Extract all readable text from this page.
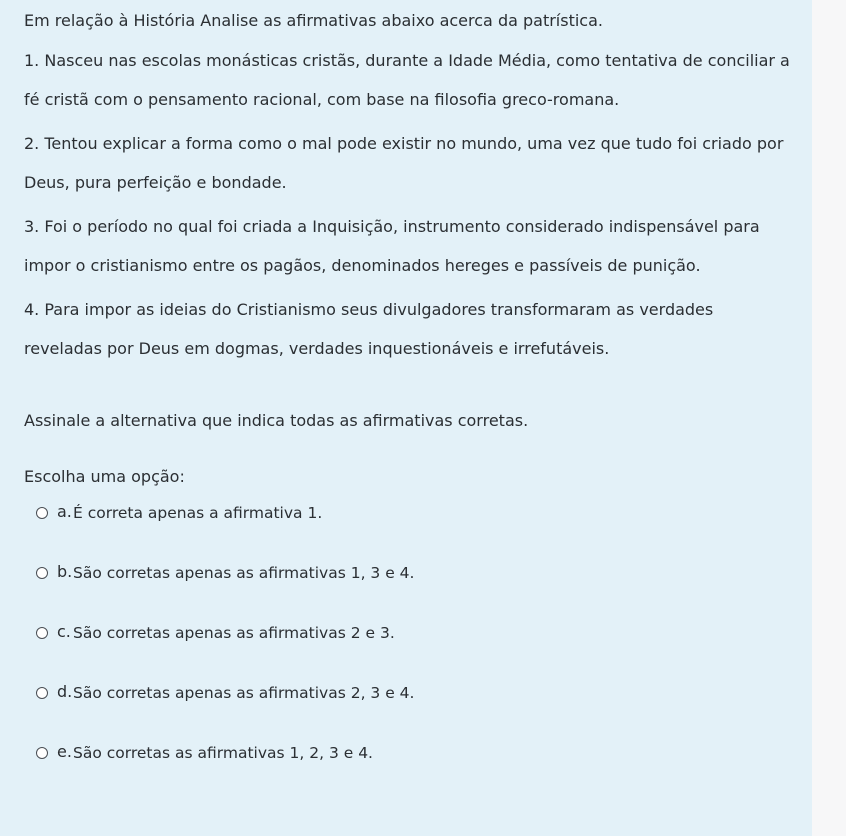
Em relação à História Analise as afirmativas abaixo acerca da patrística.

1. Nasceu nas escolas monásticas cristãs, durante a Idade Média, como tentativa de conciliar a fé cristã com o pensamento racional, com base na filosofia greco-romana.
2. Tentou explicar a forma como o mal pode existir no mundo, uma vez que tudo foi criado por Deus, pura perfeição e bondade.
3. Foi o período no qual foi criada a Inquisição, instrumento considerado indispensável para impor o cristianismo entre os pagãos, denominados hereges e passíveis de punição.
4. Para impor as ideias do Cristianismo seus divulgadores transformaram as verdades reveladas por Deus em dogmas, verdades inquestionáveis e irrefutáveis.

Assinale a alternativa que indica todas as afirmativas corretas.

Escolha uma opção:

a. É correta apenas a afirmativa 1.
b. São corretas apenas as afirmativas 1, 3 e 4.
c. São corretas apenas as afirmativas 2 e 3.
d. São corretas apenas as afirmativas 2, 3 e 4.
e. São corretas as afirmativas 1, 2, 3 e 4.
